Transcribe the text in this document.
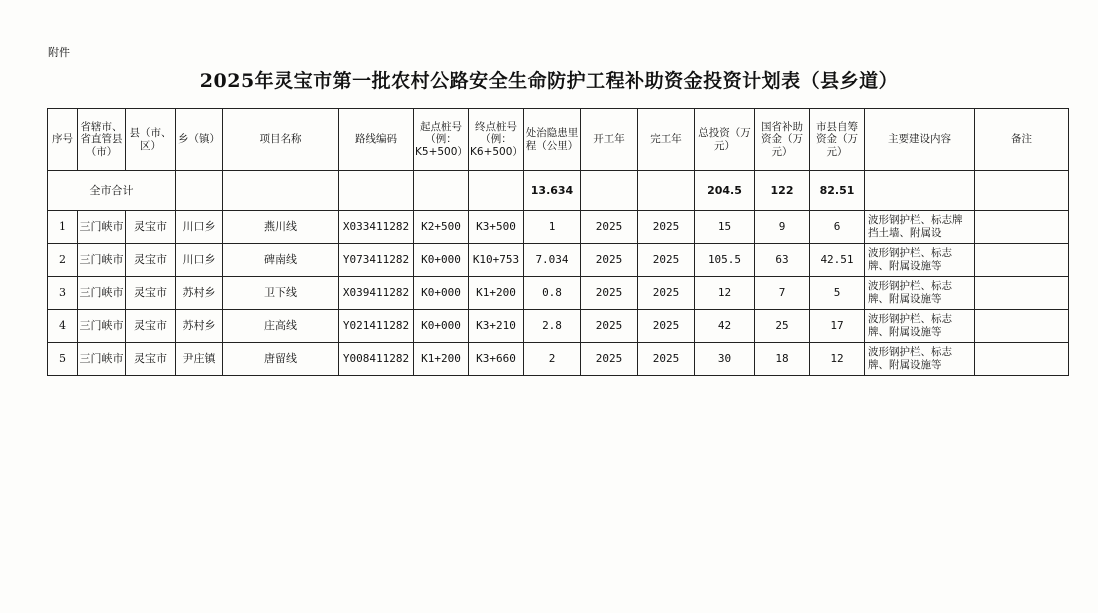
附件
2025年灵宝市第一批农村公路安全生命防护工程补助资金投资计划表（县乡道）
序号	省辖市、省直管县（市）	县（市、区）	乡（镇）	项目名称	路线编码	起点桩号（例：K5+500）	终点桩号（例：K6+500）	处治隐患里程（公里）	开工年	完工年	总投资（万元）	国省补助资金（万元）	市县自筹资金（万元）	主要建设内容	备注
全市合计								13.634			204.5	122	82.51		
1	三门峡市	灵宝市	川口乡	燕川线	X033411282	K2+500	K3+500	1	2025	2025	15	9	6	波形钢护栏、标志牌挡土墙、附属设	

2	三门峡市	灵宝市	川口乡	碑南线	Y073411282	K0+000	K10+753	7.034	2025	2025	105.5	63	42.51	波形钢护栏、标志牌、附属设施等	

3	三门峡市	灵宝市	苏村乡	卫下线	X039411282	K0+000	K1+200	0.8	2025	2025	12	7	5	波形钢护栏、标志牌、附属设施等	

4	三门峡市	灵宝市	苏村乡	庄高线	Y021411282	K0+000	K3+210	2.8	2025	2025	42	25	17	波形钢护栏、标志牌、附属设施等	

5	三门峡市	灵宝市	尹庄镇	唐留线	Y008411282	K1+200	K3+660	2	2025	2025	30	18	12	波形钢护栏、标志牌、附属设施等	
